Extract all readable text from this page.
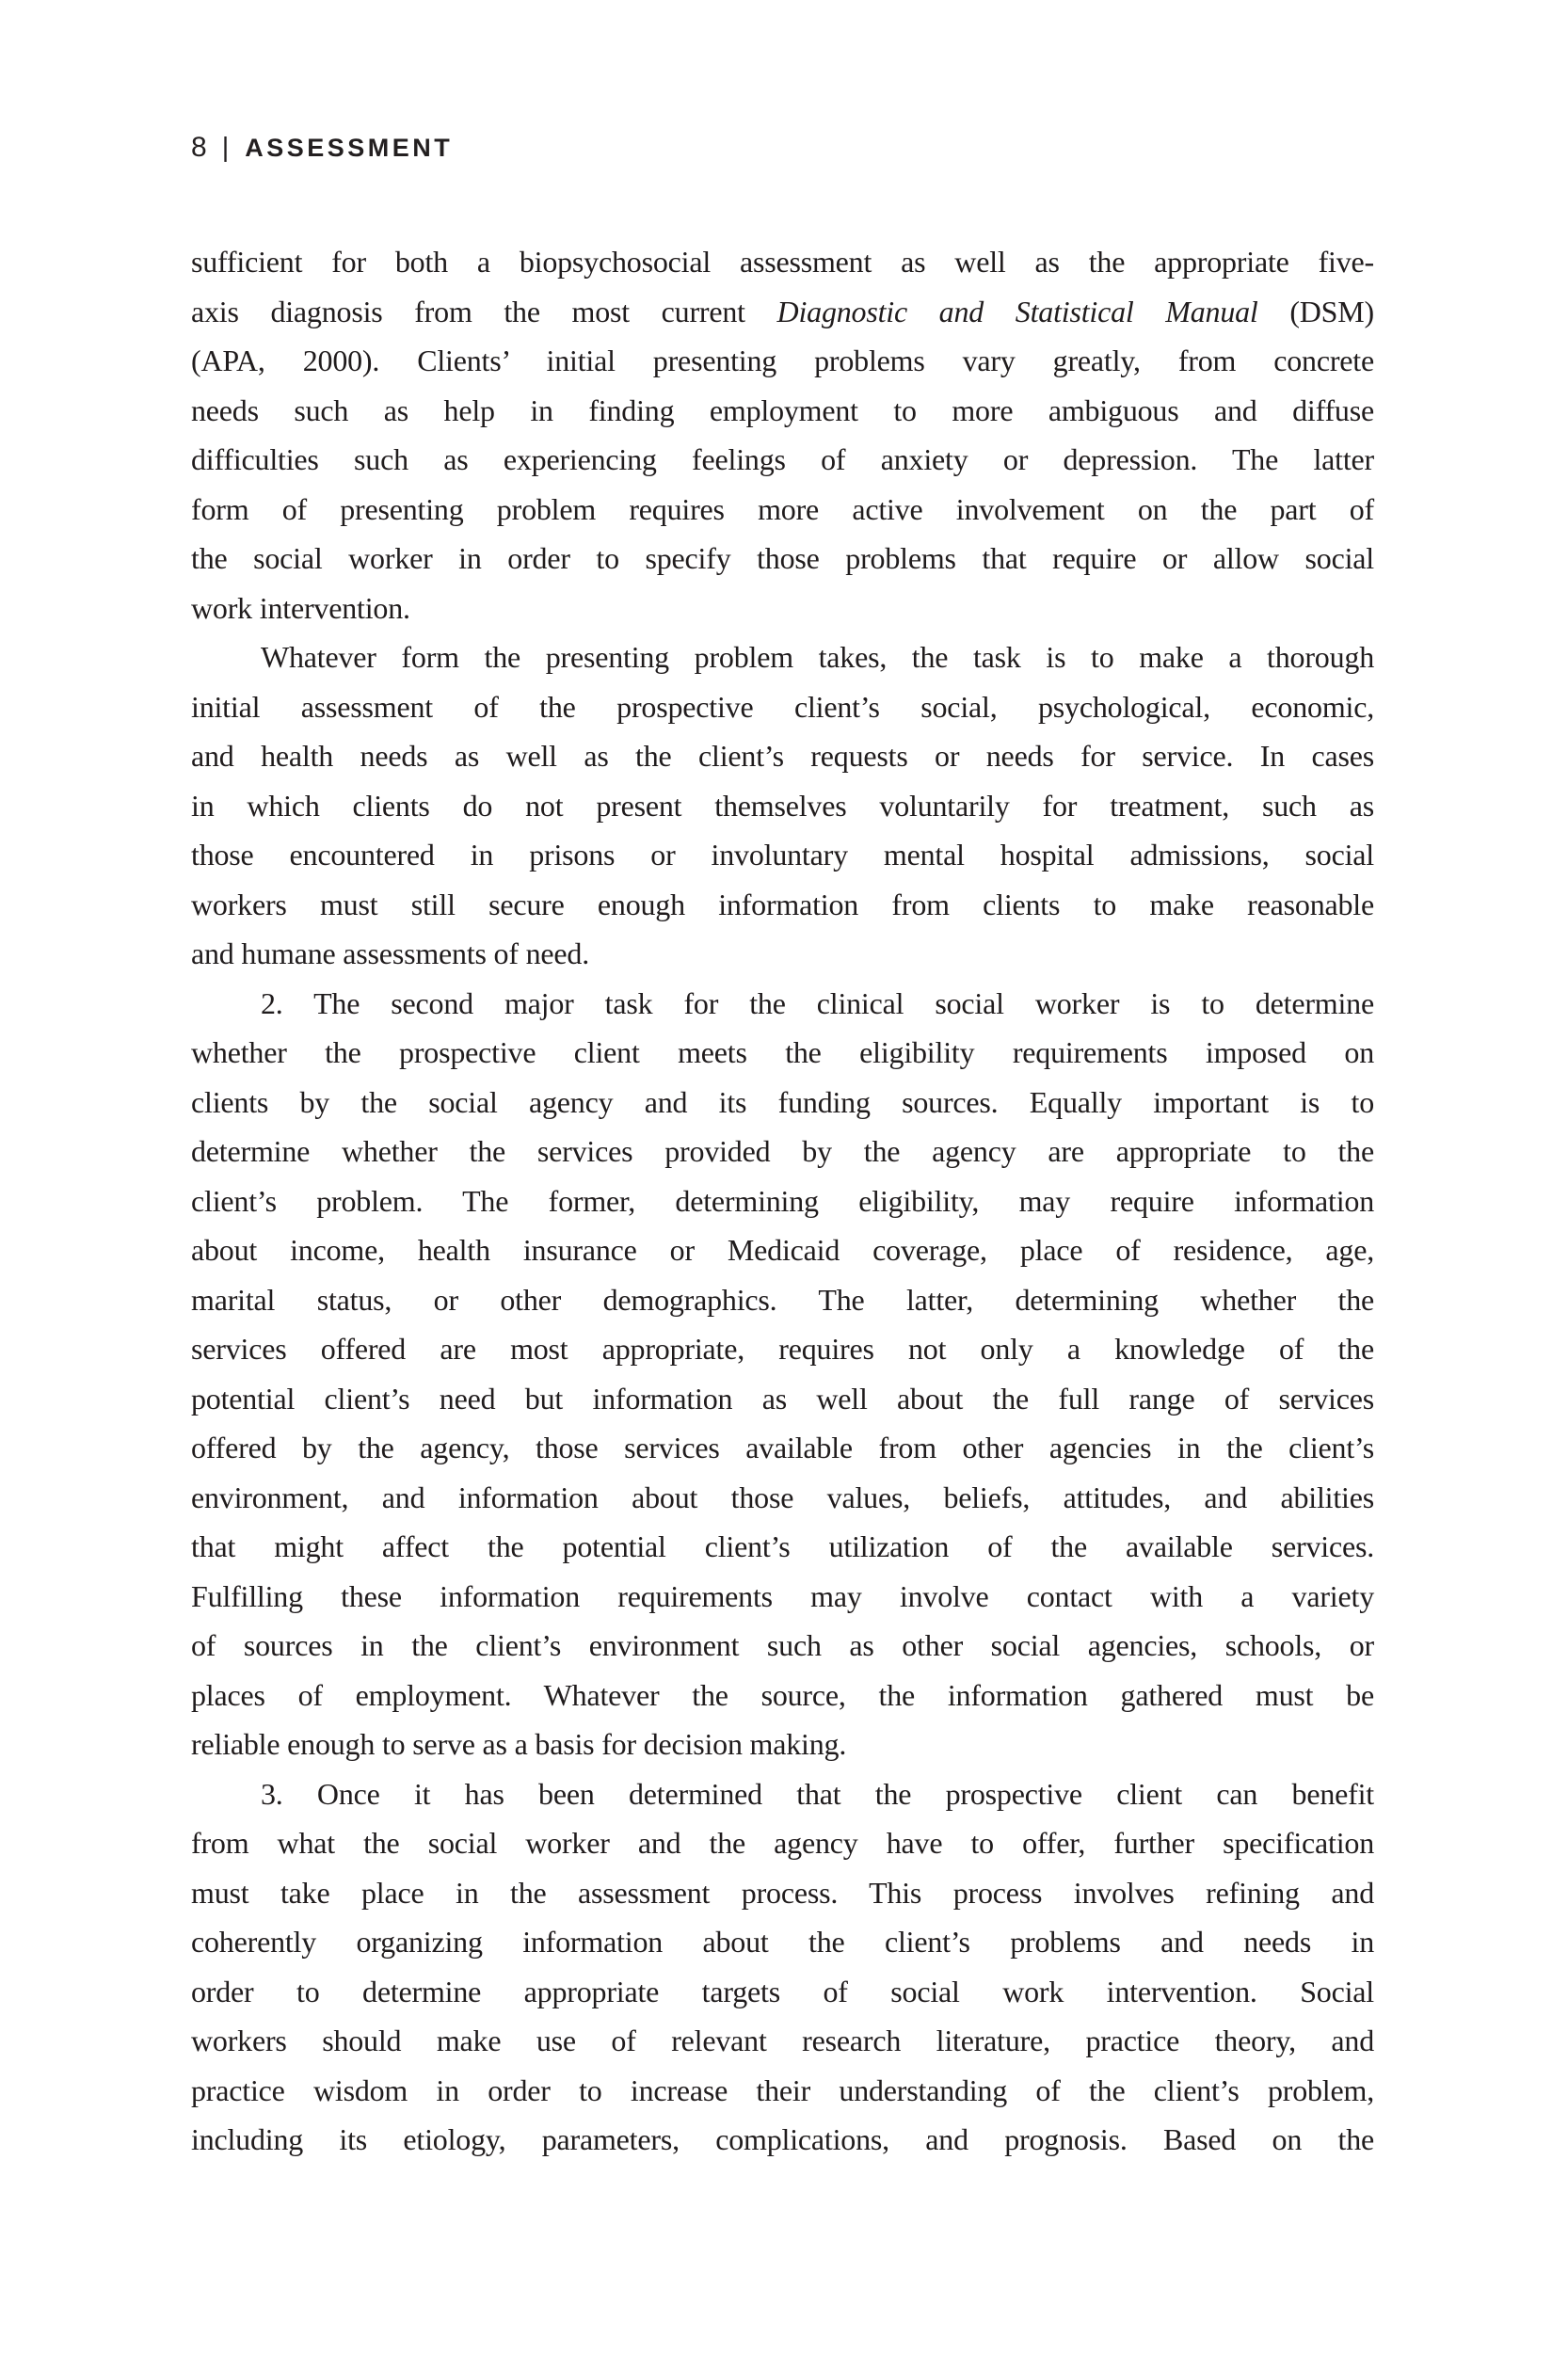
8 | ASSESSMENT
sufficient for both a biopsychosocial assessment as well as the appropriate five-
axis diagnosis from the most current Diagnostic and Statistical Manual (DSM)
(APA, 2000). Clients’ initial presenting problems vary greatly, from concrete
needs such as help in finding employment to more ambiguous and diffuse
difficulties such as experiencing feelings of anxiety or depression. The latter
form of presenting problem requires more active involvement on the part of
the social worker in order to specify those problems that require or allow social
work intervention.
Whatever form the presenting problem takes, the task is to make a thorough
initial assessment of the prospective client’s social, psychological, economic,
and health needs as well as the client’s requests or needs for service. In cases
in which clients do not present themselves voluntarily for treatment, such as
those encountered in prisons or involuntary mental hospital admissions, social
workers must still secure enough information from clients to make reasonable
and humane assessments of need.
2. The second major task for the clinical social worker is to determine
whether the prospective client meets the eligibility requirements imposed on
clients by the social agency and its funding sources. Equally important is to
determine whether the services provided by the agency are appropriate to the
client’s problem. The former, determining eligibility, may require information
about income, health insurance or Medicaid coverage, place of residence, age,
marital status, or other demographics. The latter, determining whether the
services offered are most appropriate, requires not only a knowledge of the
potential client’s need but information as well about the full range of services
offered by the agency, those services available from other agencies in the client’s
environment, and information about those values, beliefs, attitudes, and abilities
that might affect the potential client’s utilization of the available services.
Fulfilling these information requirements may involve contact with a variety
of sources in the client’s environment such as other social agencies, schools, or
places of employment. Whatever the source, the information gathered must be
reliable enough to serve as a basis for decision making.
3. Once it has been determined that the prospective client can benefit
from what the social worker and the agency have to offer, further specification
must take place in the assessment process. This process involves refining and
coherently organizing information about the client’s problems and needs in
order to determine appropriate targets of social work intervention. Social
workers should make use of relevant research literature, practice theory, and
practice wisdom in order to increase their understanding of the client’s problem,
including its etiology, parameters, complications, and prognosis. Based on the
